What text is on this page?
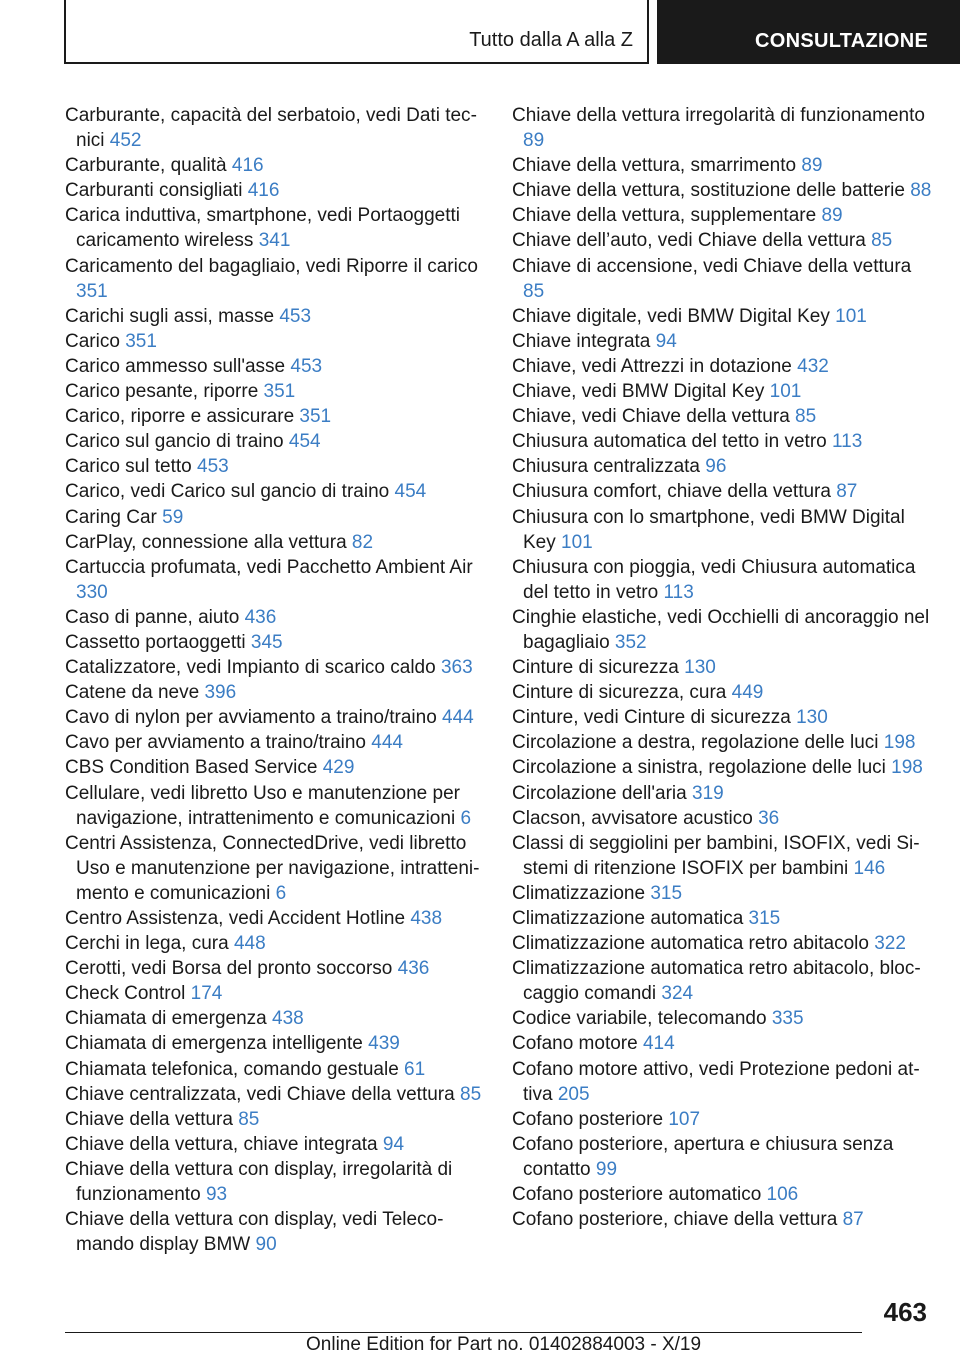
Tutto dalla A alla Z	CONSULTAZIONE

Carburante, capacità del serbatoio, vedi Dati tecnici 452

Carburante, qualità 416

Carburanti consigliati 416

Carica induttiva, smartphone, vedi Portaoggetti caricamento wireless 341

Caricamento del bagagliaio, vedi Riporre il carico 351

Carichi sugli assi, masse 453

Carico 351

Carico ammesso sull'asse 453

Carico pesante, riporre 351

Carico, riporre e assicurare 351

Carico sul gancio di traino 454

Carico sul tetto 453

Carico, vedi Carico sul gancio di traino 454

Caring Car 59

CarPlay, connessione alla vettura 82

Cartuccia profumata, vedi Pacchetto Ambient Air 330

Caso di panne, aiuto 436

Cassetto portaoggetti 345

Catalizzatore, vedi Impianto di scarico caldo 363

Catene da neve 396

Cavo di nylon per avviamento a traino/traino 444

Cavo per avviamento a traino/traino 444

CBS Condition Based Service 429

Cellulare, vedi libretto Uso e manutenzione per navigazione, intrattenimento e comunicazioni 6

Centri Assistenza, ConnectedDrive, vedi libretto Uso e manutenzione per navigazione, intrattenimento e comunicazioni 6

Centro Assistenza, vedi Accident Hotline 438

Cerchi in lega, cura 448

Cerotti, vedi Borsa del pronto soccorso 436

Check Control 174

Chiamata di emergenza 438

Chiamata di emergenza intelligente 439

Chiamata telefonica, comando gestuale 61

Chiave centralizzata, vedi Chiave della vettura 85

Chiave della vettura 85

Chiave della vettura, chiave integrata 94

Chiave della vettura con display, irregolarità di funzionamento 93

Chiave della vettura con display, vedi Telecomando display BMW 90

Chiave della vettura irregolarità di funzionamento 89

Chiave della vettura, smarrimento 89

Chiave della vettura, sostituzione delle batterie 88

Chiave della vettura, supplementare 89

Chiave dell’auto, vedi Chiave della vettura 85

Chiave di accensione, vedi Chiave della vettura 85

Chiave digitale, vedi BMW Digital Key 101

Chiave integrata 94

Chiave, vedi Attrezzi in dotazione 432

Chiave, vedi BMW Digital Key 101

Chiave, vedi Chiave della vettura 85

Chiusura automatica del tetto in vetro 113

Chiusura centralizzata 96

Chiusura comfort, chiave della vettura 87

Chiusura con lo smartphone, vedi BMW Digital Key 101

Chiusura con pioggia, vedi Chiusura automatica del tetto in vetro 113

Cinghie elastiche, vedi Occhielli di ancoraggio nel bagagliaio 352

Cinture di sicurezza 130

Cinture di sicurezza, cura 449

Cinture, vedi Cinture di sicurezza 130

Circolazione a destra, regolazione delle luci 198

Circolazione a sinistra, regolazione delle luci 198

Circolazione dell'aria 319

Clacson, avvisatore acustico 36

Classi di seggiolini per bambini, ISOFIX, vedi Sistemi di ritenzione ISOFIX per bambini 146

Climatizzazione 315

Climatizzazione automatica 315

Climatizzazione automatica retro abitacolo 322

Climatizzazione automatica retro abitacolo, bloccaggio comandi 324

Codice variabile, telecomando 335

Cofano motore 414

Cofano motore attivo, vedi Protezione pedoni attiva 205

Cofano posteriore 107

Cofano posteriore, apertura e chiusura senza contatto 99

Cofano posteriore automatico 106

Cofano posteriore, chiave della vettura 87

463
Online Edition for Part no. 01402884003 - X/19
